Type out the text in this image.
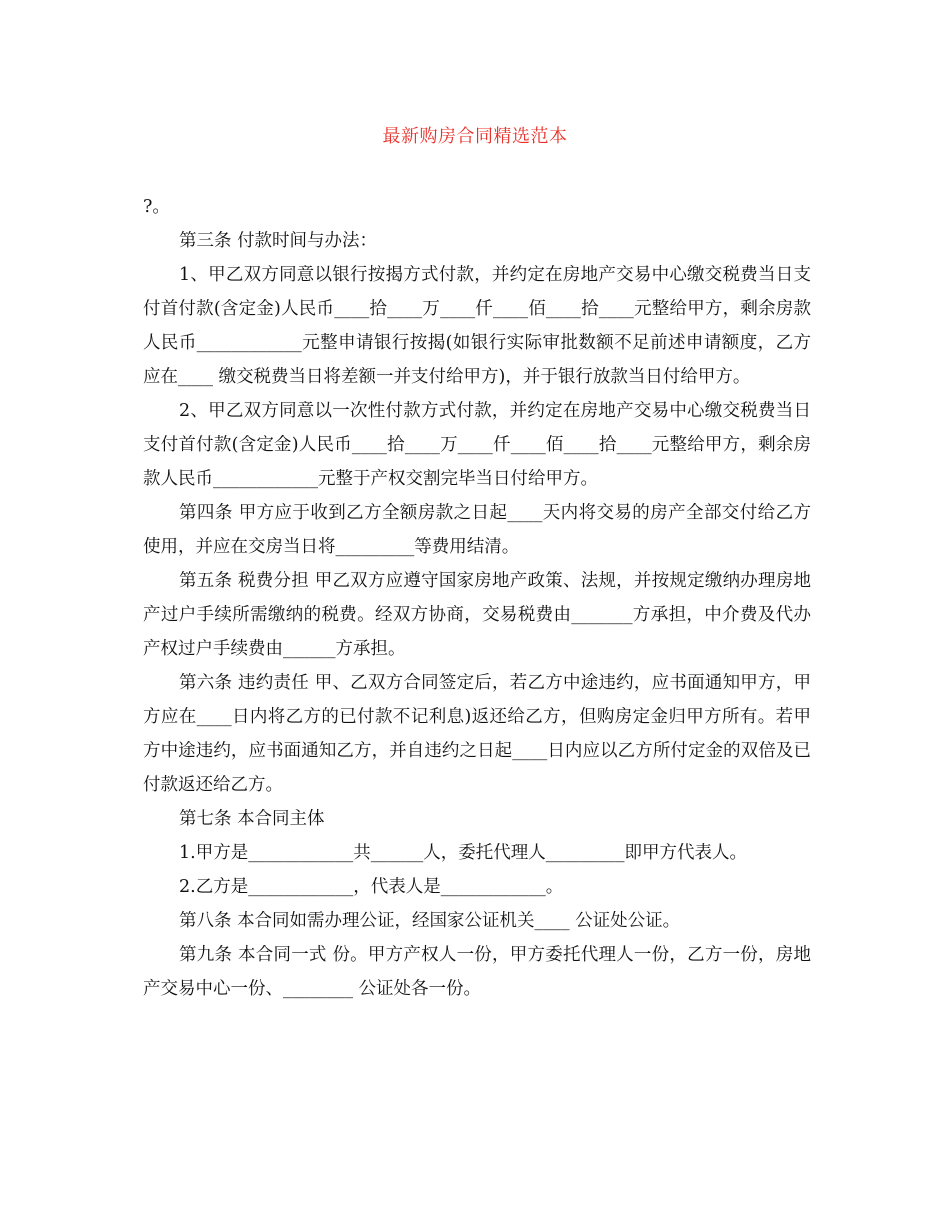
最新购房合同精选范本

?。

第三条 付款时间与办法：

1、甲乙双方同意以银行按揭方式付款，并约定在房地产交易中心缴交税费当日支付首付款(含定金)人民币____拾____万____仟____佰____拾____元整给甲方，剩余房款人民币____________元整申请银行按揭(如银行实际审批数额不足前述申请额度，乙方应在____ 缴交税费当日将差额一并支付给甲方)，并于银行放款当日付给甲方。

2、甲乙双方同意以一次性付款方式付款，并约定在房地产交易中心缴交税费当日支付首付款(含定金)人民币____拾____万____仟____佰____拾____元整给甲方，剩余房款人民币____________元整于产权交割完毕当日付给甲方。

第四条 甲方应于收到乙方全额房款之日起____天内将交易的房产全部交付给乙方使用，并应在交房当日将_________等费用结清。

第五条 税费分担 甲乙双方应遵守国家房地产政策、法规，并按规定缴纳办理房地产过户手续所需缴纳的税费。经双方协商，交易税费由_______方承担，中介费及代办产权过户手续费由______方承担。

第六条 违约责任 甲、乙双方合同签定后，若乙方中途违约，应书面通知甲方，甲方应在____日内将乙方的已付款不记利息)返还给乙方，但购房定金归甲方所有。若甲方中途违约，应书面通知乙方，并自违约之日起____日内应以乙方所付定金的双倍及已付款返还给乙方。

第七条 本合同主体

1.甲方是____________共______人，委托代理人_________即甲方代表人。

2.乙方是____________，代表人是____________。

第八条 本合同如需办理公证，经国家公证机关____ 公证处公证。

第九条 本合同一式 份。甲方产权人一份，甲方委托代理人一份，乙方一份，房地产交易中心一份、________ 公证处各一份。
